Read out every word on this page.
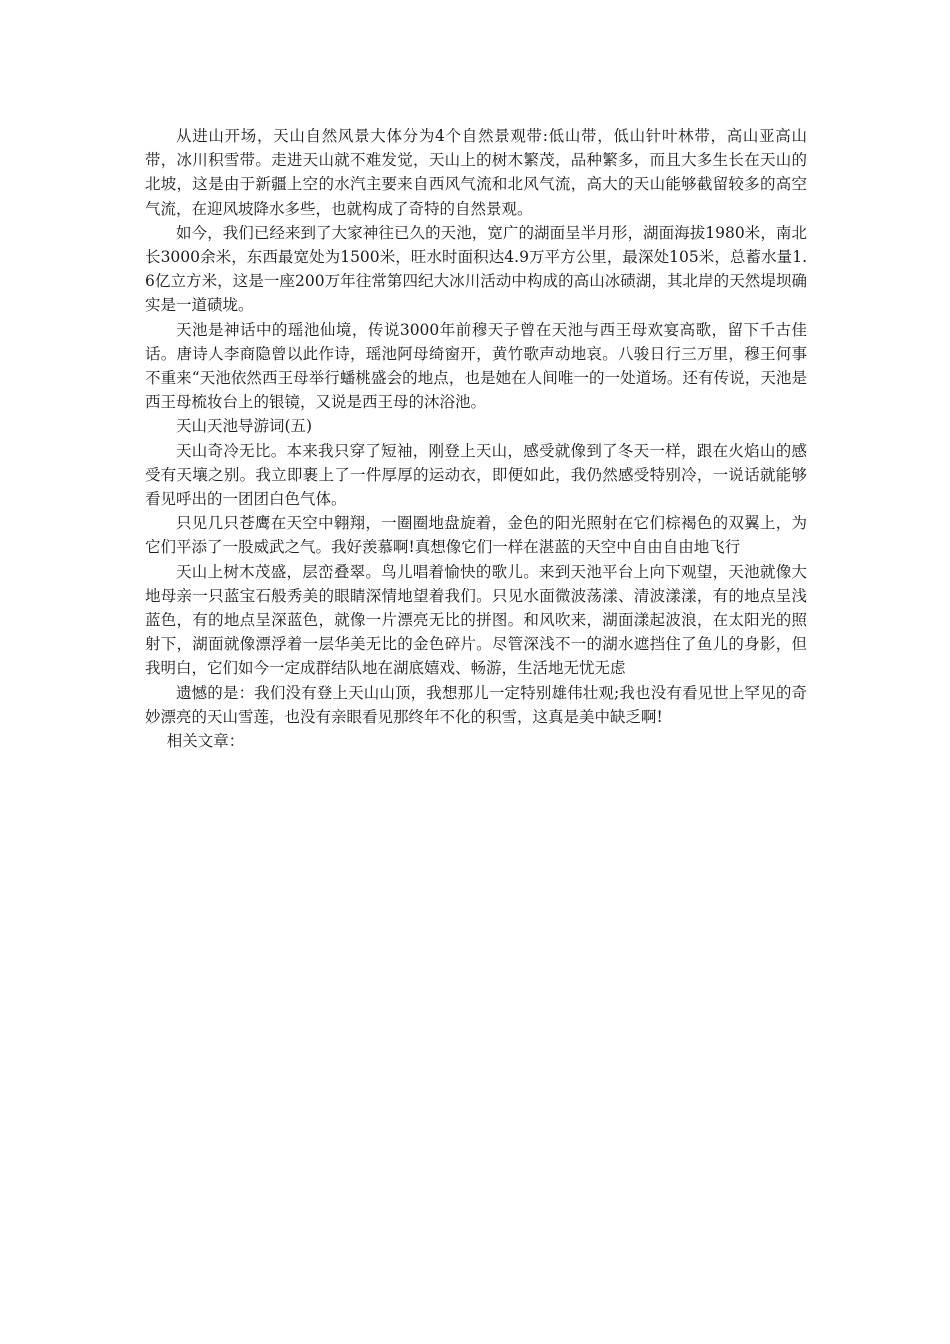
从进山开场，天山自然风景大体分为4个自然景观带:低山带，低山针叶林带，高山亚高山带，冰川积雪带。走进天山就不难发觉，天山上的树木繁茂，品种繁多，而且大多生长在天山的北坡，这是由于新疆上空的水汽主要来自西风气流和北风气流，高大的天山能够截留较多的高空气流，在迎风坡降水多些，也就构成了奇特的自然景观。

如今，我们已经来到了大家神往已久的天池，宽广的湖面呈半月形，湖面海拔1980米，南北长3000余米，东西最宽处为1500米，旺水时面积达4.9万平方公里，最深处105米，总蓄水量1.6亿立方米，这是一座200万年往常第四纪大冰川活动中构成的高山冰碛湖，其北岸的天然堤坝确实是一道碛垅。

天池是神话中的瑶池仙境，传说3000年前穆天子曾在天池与西王母欢宴高歌，留下千古佳话。唐诗人李商隐曾以此作诗，瑶池阿母绮窗开，黄竹歌声动地哀。八骏日行三万里，穆王何事不重来“天池依然西王母举行蟠桃盛会的地点，也是她在人间唯一的一处道场。还有传说，天池是西王母梳妆台上的银镜，又说是西王母的沐浴池。

天山天池导游词(五)

天山奇冷无比。本来我只穿了短袖，刚登上天山，感受就像到了冬天一样，跟在火焰山的感受有天壤之别。我立即裹上了一件厚厚的运动衣，即便如此，我仍然感受特别冷，一说话就能够看见呼出的一团团白色气体。

只见几只苍鹰在天空中翱翔，一圈圈地盘旋着，金色的阳光照射在它们棕褐色的双翼上，为它们平添了一股威武之气。我好羡慕啊!真想像它们一样在湛蓝的天空中自由自由地飞行

天山上树木茂盛，层峦叠翠。鸟儿唱着愉快的歌儿。来到天池平台上向下观望，天池就像大地母亲一只蓝宝石般秀美的眼睛深情地望着我们。只见水面微波荡漾、清波漾漾，有的地点呈浅蓝色，有的地点呈深蓝色，就像一片漂亮无比的拼图。和风吹来，湖面漾起波浪，在太阳光的照射下，湖面就像漂浮着一层华美无比的金色碎片。尽管深浅不一的湖水遮挡住了鱼儿的身影，但我明白，它们如今一定成群结队地在湖底嬉戏、畅游，生活地无忧无虑

遗憾的是：我们没有登上天山山顶，我想那儿一定特别雄伟壮观;我也没有看见世上罕见的奇妙漂亮的天山雪莲，也没有亲眼看见那终年不化的积雪，这真是美中缺乏啊!

相关文章：
